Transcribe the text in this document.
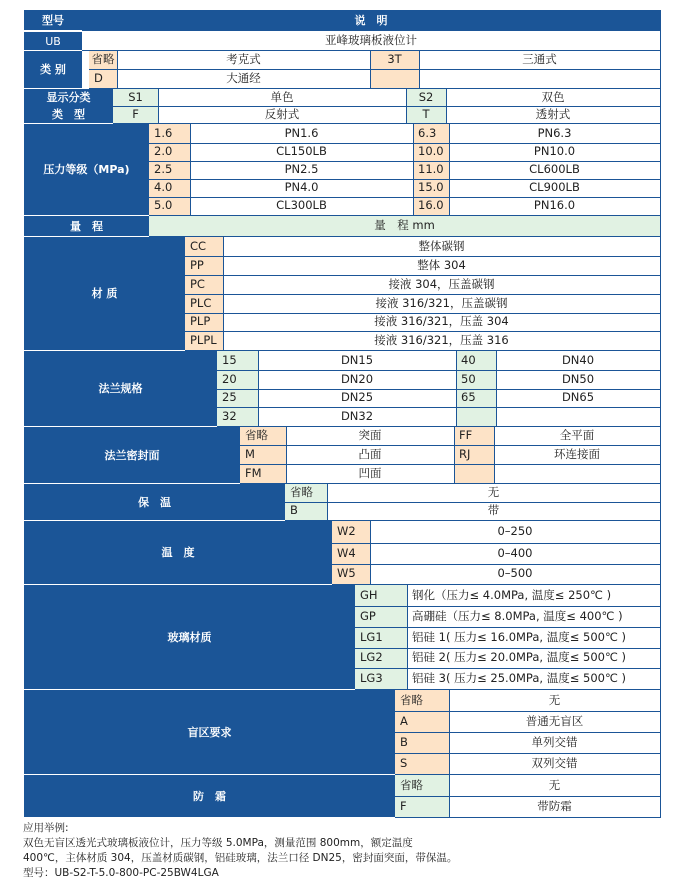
型号	说　明
UB	亚峰玻璃板液位计
类 别
省略	考克式	3T	三通式
D	大通经
显示分类	S1	单色	S2	双色
类　型	F	反射式	T	透射式
压力等级（MPa)
1.6	PN1.6	6.3	PN6.3
2.0	CL150LB	10.0	PN10.0
2.5	PN2.5	11.0	CL600LB
4.0	PN4.0	15.0	CL900LB
5.0	CL300LB	16.0	PN16.0
量　程	量　程 mm
材 质
CC	整体碳钢
PP	整体 304
PC	接液 304，压盖碳钢
PLC	接液 316/321，压盖碳钢
PLP	接液 316/321，压盖 304
PLPL	接液 316/321，压盖 316
法兰规格
15	DN15	40	DN40
20	DN20	50	DN50
25	DN25	65	DN65
32	DN32
法兰密封面
省略	突面	FF	全平面
M	凸面	RJ	环连接面
FM	凹面
保　温
省略	无
B	带
温　度
W2	0–250
W4	0–400
W5	0–500
玻璃材质
GH	钢化（压力≤ 4.0MPa, 温度≤ 250℃ )
GP	高硼硅（压力≤ 8.0MPa, 温度≤ 400℃ )
LG1	铝硅 1( 压力≤ 16.0MPa, 温度≤ 500℃ )
LG2	铝硅 2( 压力≤ 20.0MPa, 温度≤ 500℃ )
LG3	铝硅 3( 压力≤ 25.0MPa, 温度≤ 500℃ )
盲区要求
省略	无
A	普通无盲区
B	单列交错
S	双列交错
防　霜
省略	无
F	带防霜
应用举例:
双色无盲区透光式玻璃板液位计，压力等级 5.0MPa，测量范围 800mm，额定温度
400℃，主体材质 304，压盖材质碳钢，铝硅玻璃，法兰口径 DN25，密封面突面，带保温。
型号：UB-S2-T-5.0-800-PC-25BW4LGA
